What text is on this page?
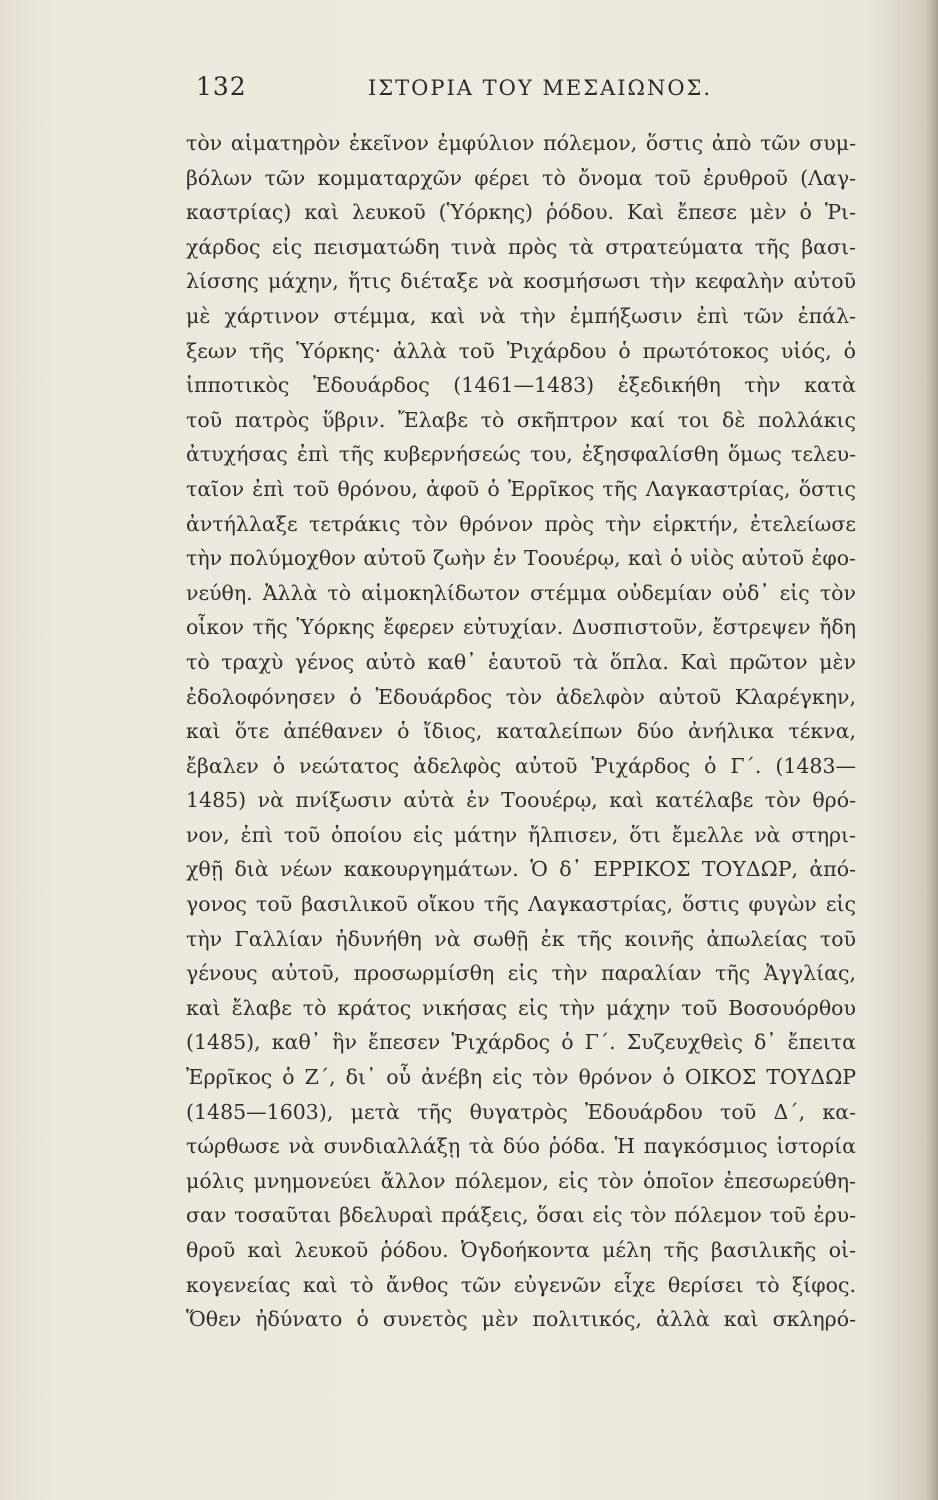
132	ΙΣΤΟΡΙΑ ΤΟΥ ΜΕΣΑΙΩΝΟΣ.
τὸν αἱματηρὸν ἐκεῖνον ἐμφύλιον πόλεμον, ὅστις ἀπὸ τῶν συμ-
βόλων τῶν κομματαρχῶν φέρει τὸ ὄνομα τοῦ ἐρυθροῦ (Λαγ-
καστρίας) καὶ λευκοῦ (Ὑόρκης) ῥόδου. Καὶ ἔπεσε μὲν ὁ Ῥι-
χάρδος εἰς πεισματώδη τινὰ πρὸς τὰ στρατεύματα τῆς βασι-
λίσσης μάχην, ἥτις διέταξε νὰ κοσμήσωσι τὴν κεφαλὴν αὐτοῦ
μὲ χάρτινον στέμμα, καὶ νὰ τὴν ἐμπήξωσιν ἐπὶ τῶν ἐπάλ-
ξεων τῆς Ὑόρκης· ἀλλὰ τοῦ Ῥιχάρδου ὁ πρωτότοκος υἱός, ὁ
ἱπποτικὸς Ἐδουάρδος (1461—1483) ἐξεδικήθη τὴν κατὰ
τοῦ πατρὸς ὕβριν. Ἔλαβε τὸ σκῆπτρον καί τοι δὲ πολλάκις
ἀτυχήσας ἐπὶ τῆς κυβερνήσεώς του, ἐξησφαλίσθη ὅμως τελευ-
ταῖον ἐπὶ τοῦ θρόνου, ἀφοῦ ὁ Ἐρρῖκος τῆς Λαγκαστρίας, ὅστις
ἀντήλλαξε τετράκις τὸν θρόνον πρὸς τὴν εἱρκτήν, ἐτελείωσε
τὴν πολύμοχθον αὐτοῦ ζωὴν ἐν Τοουέρῳ, καὶ ὁ υἱὸς αὐτοῦ ἐφο-
νεύθη. Ἀλλὰ τὸ αἱμοκηλίδωτον στέμμα οὐδεμίαν οὐδ᾽ εἰς τὸν
οἶκον τῆς Ὑόρκης ἔφερεν εὐτυχίαν. Δυσπιστοῦν, ἔστρεψεν ἤδη
τὸ τραχὺ γένος αὐτὸ καθ᾽ ἑαυτοῦ τὰ ὅπλα. Καὶ πρῶτον μὲν
ἐδολοφόνησεν ὁ Ἐδουάρδος τὸν ἀδελφὸν αὐτοῦ Κλαρέγκην,
καὶ ὅτε ἀπέθανεν ὁ ἴδιος, καταλείπων δύο ἀνήλικα τέκνα,
ἔβαλεν ὁ νεώτατος ἀδελφὸς αὐτοῦ Ῥιχάρδος ὁ Γ΄. (1483—
1485) νὰ πνίξωσιν αὐτὰ ἐν Τοουέρῳ, καὶ κατέλαβε τὸν θρό-
νον, ἐπὶ τοῦ ὁποίου εἰς μάτην ἤλπισεν, ὅτι ἔμελλε νὰ στηρι-
χθῇ διὰ νέων κακουργημάτων. Ὁ δ᾽ ΕΡΡΙΚΟΣ ΤΟΥΔΩΡ, ἀπό-
γονος τοῦ βασιλικοῦ οἴκου τῆς Λαγκαστρίας, ὅστις φυγὼν εἰς
τὴν Γαλλίαν ἠδυνήθη νὰ σωθῇ ἐκ τῆς κοινῆς ἀπωλείας τοῦ
γένους αὐτοῦ, προσωρμίσθη εἰς τὴν παραλίαν τῆς Ἀγγλίας,
καὶ ἔλαβε τὸ κράτος νικήσας εἰς τὴν μάχην τοῦ Βοσουόρθου
(1485), καθ᾽ ἣν ἔπεσεν Ῥιχάρδος ὁ Γ΄. Συζευχθεὶς δ᾽ ἔπειτα
Ἐρρῖκος ὁ Ζ΄, δι᾽ οὗ ἀνέβη εἰς τὸν θρόνον ὁ ΟΙΚΟΣ ΤΟΥΔΩΡ
(1485—1603), μετὰ τῆς θυγατρὸς Ἐδουάρδου τοῦ Δ΄, κα-
τώρθωσε νὰ συνδιαλλάξῃ τὰ δύο ῥόδα. Ἡ παγκόσμιος ἱστορία
μόλις μνημονεύει ἄλλον πόλεμον, εἰς τὸν ὁποῖον ἐπεσωρεύθη-
σαν τοσαῦται βδελυραὶ πράξεις, ὅσαι εἰς τὸν πόλεμον τοῦ ἐρυ-
θροῦ καὶ λευκοῦ ῥόδου. Ὀγδοήκοντα μέλη τῆς βασιλικῆς οἰ-
κογενείας καὶ τὸ ἄνθος τῶν εὐγενῶν εἶχε θερίσει τὸ ξίφος.
Ὅθεν ἠδύνατο ὁ συνετὸς μὲν πολιτικός, ἀλλὰ καὶ σκληρό-
